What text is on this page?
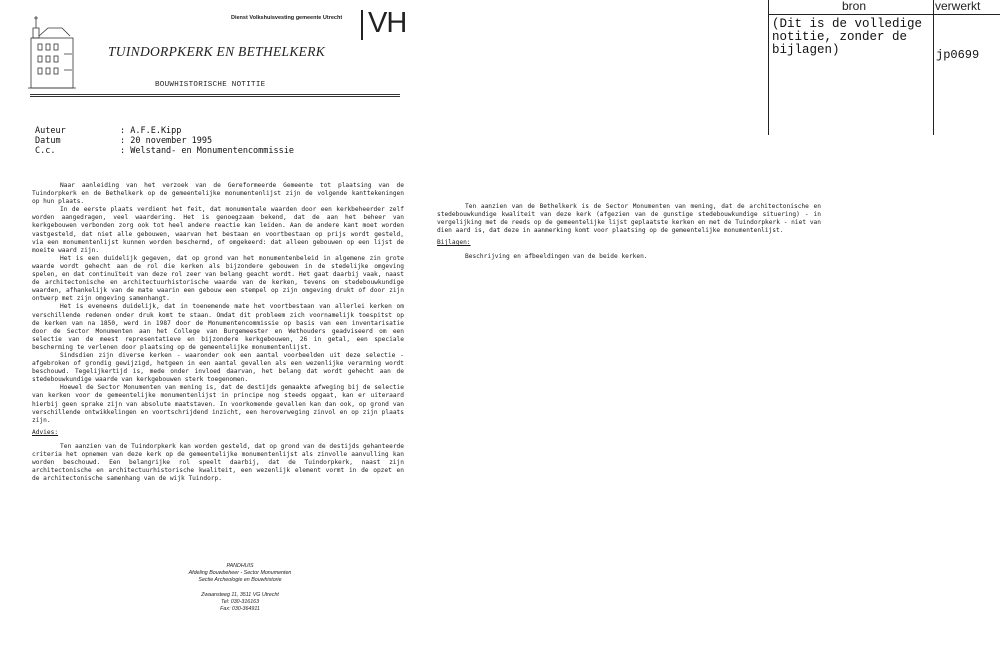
bron	verwerkt
(Dit is de volledige notitie, zonder de bijlagen)	jp0699
Dienst Volkshuisvesting gemeente Utrecht VH
TUINDORPKERK EN BETHELKERK
BOUWHISTORISCHE NOTITIE
Auteur	: A.F.E.Kipp
Datum	: 20 november 1995
C.c.	: Welstand- en Monumentencommissie

Naar aanleiding van het verzoek van de Gereformeerde Gemeente tot plaatsing van de Tuindorpkerk en de Bethelkerk op de gemeentelijke monumentenlijst zijn de volgende kanttekeningen op hun plaats.

In de eerste plaats verdient het feit, dat monumentale waarden door een kerkbeheerder zelf worden aangedragen, veel waardering. Het is genoegzaam bekend, dat de aan het beheer van kerkgebouwen verbonden zorg ook tot heel andere reactie kan leiden. Aan de andere kant moet worden vastgesteld, dat niet alle gebouwen, waarvan het bestaan en voortbestaan op prijs wordt gesteld, via een monumentenlijst kunnen worden beschermd, of omgekeerd: dat alleen gebouwen op een lijst de moeite waard zijn.

Het is een duidelijk gegeven, dat op grond van het monumentenbeleid in algemene zin grote waarde wordt gehecht aan de rol die kerken als bijzondere gebouwen in de stedelijke omgeving spelen, en dat continuïteit van deze rol zeer van belang geacht wordt. Het gaat daarbij vaak, naast de architectonische en architectuurhistorische waarde van de kerken, tevens om stedebouwkundige waarden, afhankelijk van de mate waarin een gebouw een stempel op zijn omgeving drukt of door zijn ontwerp met zijn omgeving samenhangt.

Het is eveneens duidelijk, dat in toenemende mate het voortbestaan van allerlei kerken om verschillende redenen onder druk komt te staan. Omdat dit probleem zich voornamelijk toespitst op de kerken van na 1850, werd in 1987 door de Monumentencommissie op basis van een inventarisatie door de Sector Monumenten aan het College van Burgemeester en Wethouders geadviseerd om een selectie van de meest representatieve en bijzondere kerkgebouwen, 26 in getal, een speciale bescherming te verlenen door plaatsing op de gemeentelijke monumentenlijst.

Sindsdien zijn diverse kerken - waaronder ook een aantal voorbeelden uit deze selectie - afgebroken of grondig gewijzigd, hetgeen in een aantal gevallen als een wezenlijke verarming wordt beschouwd. Tegelijkertijd is, mede onder invloed daarvan, het belang dat wordt gehecht aan de stedebouwkundige waarde van kerkgebouwen sterk toegenomen.

Hoewel de Sector Monumenten van mening is, dat de destijds gemaakte afweging bij de selectie van kerken voor de gemeentelijke monumentenlijst in principe nog steeds opgaat, kan er uiteraard hierbij geen sprake zijn van absolute maatstaven. In voorkomende gevallen kan dan ook, op grond van verschillende ontwikkelingen en voortschrijdend inzicht, een heroverweging zinvol en op zijn plaats zijn.

Advies:

Ten aanzien van de Tuindorpkerk kan worden gesteld, dat op grond van de destijds gehanteerde criteria het opnemen van deze kerk op de gemeentelijke monumentenlijst als zinvolle aanvulling kan worden beschouwd. Een belangrijke rol speelt daarbij, dat de Tuindorpkerk, naast zijn architectonische en architectuurhistorische kwaliteit, een wezenlijk element vormt in de opzet en de architectonische samenhang van de wijk Tuindorp.

Ten aanzien van de Bethelkerk is de Sector Monumenten van mening, dat de architectonische en stedebouwkundige kwaliteit van deze kerk (afgezien van de gunstige stedebouwkundige situering) - in vergelijking met de reeds op de gemeentelijke lijst geplaatste kerken en met de Tuindorpkerk - niet van dien aard is, dat deze in aanmerking komt voor plaatsing op de gemeentelijke monumentenlijst.

Bijlagen:

Beschrijving en afbeeldingen van de beide kerken.

PANDHUIS
Afdeling Bouwbeheer - Sector Monumenten
Sectie Archeologie en Bouwhistorie
Zwaansteeg 11, 3511 VG Utrecht
Tel: 030-316163
Fax: 030-364911
